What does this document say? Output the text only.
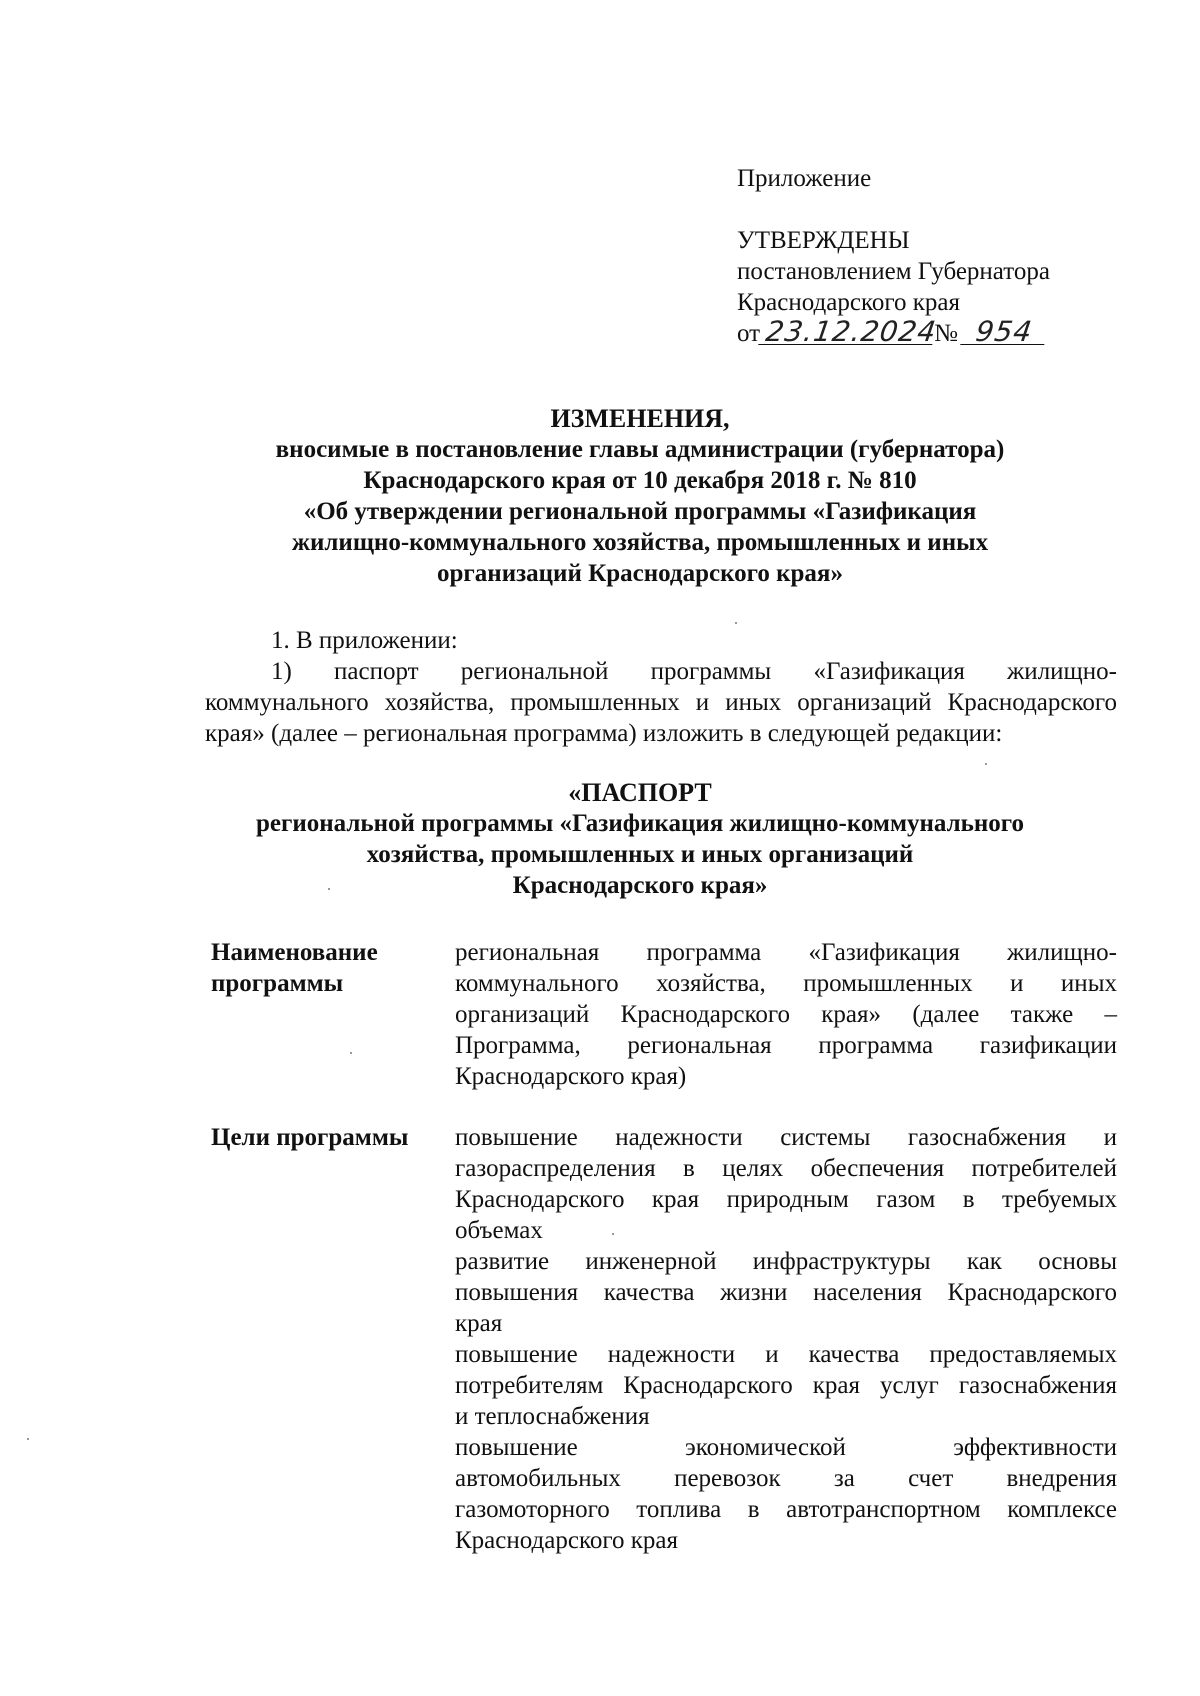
Приложение
УТВЕРЖДЕНЫ
постановлением Губернатора
Краснодарского края
от 23.12.2024№ 954
ИЗМЕНЕНИЯ,
вносимые в постановление главы администрации (губернатора)
Краснодарского края от 10 декабря 2018 г. № 810
«Об утверждении региональной программы «Газификация
жилищно-коммунального хозяйства, промышленных и иных
организаций Краснодарского края»
1. В приложении:
1) паспорт региональной программы «Газификация жилищно-
коммунального хозяйства, промышленных и иных организаций Краснодарского
края» (далее – региональная программа) изложить в следующей редакции:
«ПАСПОРТ
региональной программы «Газификация жилищно-коммунального
хозяйства, промышленных и иных организаций
Краснодарского края»
Наименование
программы
региональная программа «Газификация жилищно-
коммунального хозяйства, промышленных и иных
организаций Краснодарского края» (далее также –
Программа, региональная программа газификации
Краснодарского края)
Цели программы	повышение надежности системы газоснабжения и
газораспределения в целях обеспечения потребителей
Краснодарского края природным газом в требуемых
объемах
развитие инженерной инфраструктуры как основы
повышения качества жизни населения Краснодарского
края
повышение надежности и качества предоставляемых
потребителям Краснодарского края услуг газоснабжения
и теплоснабжения
повышение экономической эффективности
автомобильных перевозок за счет внедрения
газомоторного топлива в автотранспортном комплексе
Краснодарского края
